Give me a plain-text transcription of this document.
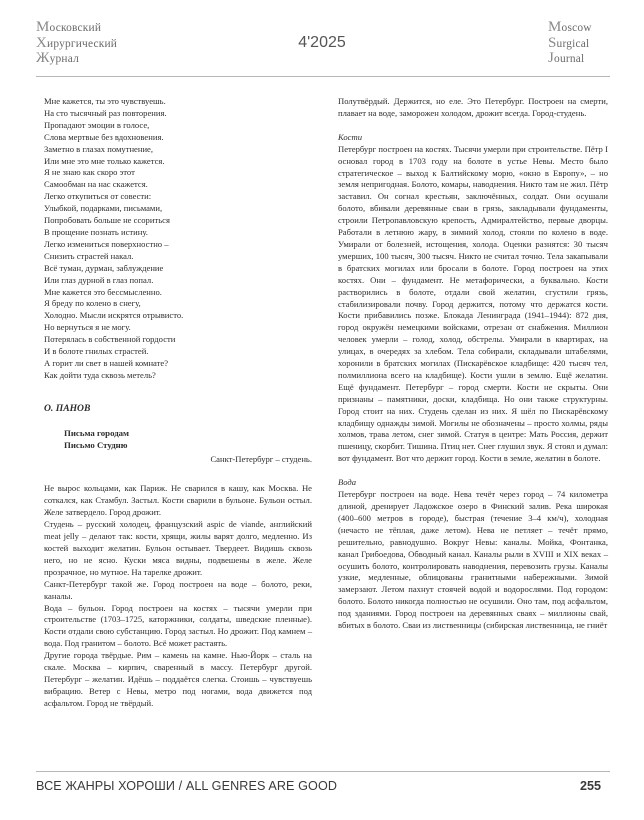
Московский
Хирургический
Журнал
4'2025
Moscow
Surgical
Journal
Мне кажется, ты это чувствуешь.
На сто тысячный раз повторения.
Пропадают эмоции в голосе,
Слова мертвые без вдохновения.
Заметно в глазах помутнение,
Или мне это мне только кажется.
Я не знаю как скоро этот
Самообман на нас скажется.
Легко откупиться от совести:
Улыбкой, подарками, письмами,
Попробовать больше не ссориться
В прощение познать истину.
Легко измениться поверхностно –
Снизить страстей накал.
Всё туман, дурман, заблуждение
Или глаз дурной в глаз попал.
Мне кажется это бессмысленно.
Я бреду по колено в снегу,
Холодно. Мысли искрятся отрывисто.
Но вернуться я не могу.
Потерялась в собственной гордости
И в болоте гнилых страстей.
А горит ли свет в нашей комнате?
Как дойти туда сквозь метель?
О. ПАНОВ
Письма городам
Письмо Студню
Санкт-Петербург – студень.

Не вырос кольцами, как Париж. Не сварился в кашу, как Москва. Не соткался, как Стамбул. Застыл. Кости сварили в бульоне. Бульон остыл. Желе затвердело. Город дрожит.

Студень – русский холодец, французский aspic de viande, английский meat jelly – делают так: кости, хрящи, жилы варят долго, медленно. Из костей выходит желатин. Бульон остывает. Твердеет. Видишь сквозь него, но не ясно. Куски мяса видны, подвешены в желе. Желе прозрачное, но мутное. На тарелке дрожит.

Санкт-Петербург такой же. Город построен на воде – болото, реки, каналы.

Вода – бульон. Город построен на костях – тысячи умерли при строительстве (1703–1725, каторжники, солдаты, шведские пленные). Кости отдали свою субстанцию. Город застыл. Но дрожит. Под камнем – вода. Под гранитом – болото. Всё может растаять.

Другие города твёрдые. Рим – камень на камне. Нью-Йорк – сталь на скале. Москва – кирпич, сваренный в массу. Петербург другой. Петербург – желатин. Идёшь – поддаётся слегка. Стоишь – чувствуешь вибрацию. Ветер с Невы, метро под ногами, вода движется под асфальтом. Город не твёрдый.

Полутвёрдый. Держится, но еле. Это Петербург. Построен на смерти, плавает на воде, заморожен холодом, дрожит всегда. Город-студень.

Кости

Петербург построен на костях. Тысячи умерли при строительстве. Пётр I основал город в 1703 году на болоте в устье Невы. Место было стратегическое – выход к Балтийскому морю, «окно в Европу», – но земля непригодная. Болото, комары, наводнения. Никто там не жил. Пётр заставил. Он согнал крестьян, заключённых, солдат. Они осушали болото, вбивали деревянные сваи в грязь, закладывали фундаменты, строили Петропавловскую крепость, Адмиралтейство, первые дворцы. Работали в летнюю жару, в зимний холод, стояли по колено в воде. Умирали от болезней, истощения, холода. Оценки разнятся: 30 тысяч умерших, 100 тысяч, 300 тысяч. Никто не считал точно. Тела закапывали в братских могилах или бросали в болоте. Город построен на этих костях. Они – фундамент. Не метафорически, а буквально. Кости растворились в болоте, отдали свой желатин, сгустили грязь, стабилизировали почву. Город держится, потому что держатся кости. Кости прибавились позже. Блокада Ленинграда (1941–1944): 872 дня, город окружён немецкими войсками, отрезан от снабжения. Миллион человек умерли – голод, холод, обстрелы. Умирали в квартирах, на улицах, в очередях за хлебом. Тела собирали, складывали штабелями, хоронили в братских могилах (Пискарёвское кладбище: 420 тысяч тел, полмиллиона всего на кладбище). Кости ушли в землю. Ещё желатин. Ещё фундамент. Петербург – город смерти. Кости не скрыты. Они признаны – памятники, доски, кладбища. Но они также структурны. Город стоит на них. Студень сделан из них. Я шёл по Пискарёвскому кладбищу однажды зимой. Могилы не обозначены – просто холмы, ряды холмов, трава летом, снег зимой. Статуя в центре: Мать Россия, держит пшеницу, скорбит. Тишина. Птиц нет. Снег глушил звук. Я стоял и думал: вот фундамент. Вот что держит город. Кости в земле, желатин в болоте.

Вода

Петербург построен на воде. Нева течёт через город – 74 километра длиной, дренирует Ладожское озеро в Финский залив. Река широкая (400–600 метров в городе), быстрая (течение 3–4 км/ч), холодная (нечасто не тёплая, даже летом). Нева не петляет – течёт прямо, решительно, равнодушно. Вокруг Невы: каналы. Мойка, Фонтанка, канал Грибоедова, Обводный канал. Каналы рыли в XVIII и XIX веках – осушить болото, контролировать наводнения, перевозить грузы. Каналы узкие, медленные, облицованы гранитными набережными. Зимой замерзают. Летом пахнут стоячей водой и водорослями. Под городом: болото. Болото никогда полностью не осушили. Оно там, под асфальтом, под зданиями. Город построен на деревянных сваях – миллионы свай, вбитых в болото. Сваи из лиственницы (сибирская лиственница, не гниёт

ВСЕ ЖАНРЫ ХОРОШИ / ALL GENRES ARE GOOD	255
